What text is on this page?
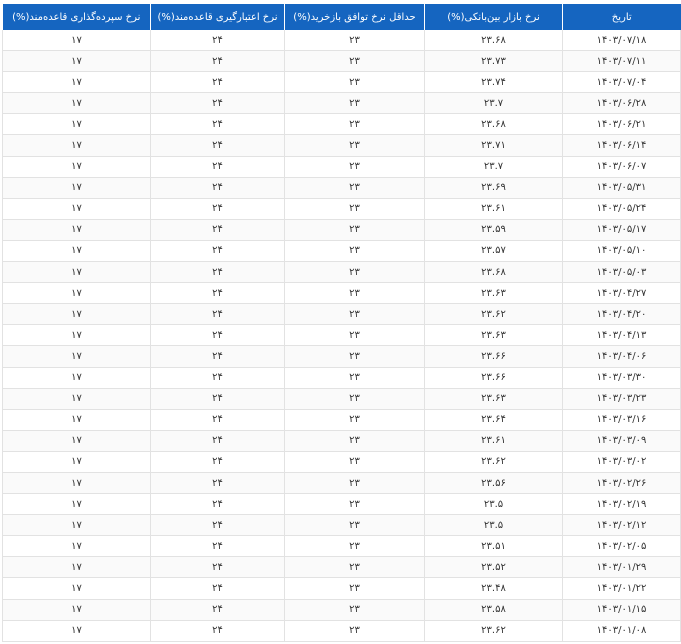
تاریخ	نرخ بازار بین‌بانکی(%)	حداقل نرخ توافق بازخرید(%)	نرخ اعتبارگیری قاعده‌مند(%)	نرخ سپرده‌گذاری قاعده‌مند(%)
۱۴۰۳/۰۷/۱۸	۲۳.۶۸	۲۳	۲۴	۱۷
۱۴۰۳/۰۷/۱۱	۲۳.۷۳	۲۳	۲۴	۱۷
۱۴۰۳/۰۷/۰۴	۲۳.۷۴	۲۳	۲۴	۱۷
۱۴۰۳/۰۶/۲۸	۲۳.۷	۲۳	۲۴	۱۷
۱۴۰۳/۰۶/۲۱	۲۳.۶۸	۲۳	۲۴	۱۷
۱۴۰۳/۰۶/۱۴	۲۳.۷۱	۲۳	۲۴	۱۷
۱۴۰۳/۰۶/۰۷	۲۳.۷	۲۳	۲۴	۱۷
۱۴۰۳/۰۵/۳۱	۲۳.۶۹	۲۳	۲۴	۱۷
۱۴۰۳/۰۵/۲۴	۲۳.۶۱	۲۳	۲۴	۱۷
۱۴۰۳/۰۵/۱۷	۲۳.۵۹	۲۳	۲۴	۱۷
۱۴۰۳/۰۵/۱۰	۲۳.۵۷	۲۳	۲۴	۱۷
۱۴۰۳/۰۵/۰۳	۲۳.۶۸	۲۳	۲۴	۱۷
۱۴۰۳/۰۴/۲۷	۲۳.۶۳	۲۳	۲۴	۱۷
۱۴۰۳/۰۴/۲۰	۲۳.۶۲	۲۳	۲۴	۱۷
۱۴۰۳/۰۴/۱۳	۲۳.۶۳	۲۳	۲۴	۱۷
۱۴۰۳/۰۴/۰۶	۲۳.۶۶	۲۳	۲۴	۱۷
۱۴۰۳/۰۳/۳۰	۲۳.۶۶	۲۳	۲۴	۱۷
۱۴۰۳/۰۳/۲۳	۲۳.۶۳	۲۳	۲۴	۱۷
۱۴۰۳/۰۳/۱۶	۲۳.۶۴	۲۳	۲۴	۱۷
۱۴۰۳/۰۳/۰۹	۲۳.۶۱	۲۳	۲۴	۱۷
۱۴۰۳/۰۳/۰۲	۲۳.۶۲	۲۳	۲۴	۱۷
۱۴۰۳/۰۲/۲۶	۲۳.۵۶	۲۳	۲۴	۱۷
۱۴۰۳/۰۲/۱۹	۲۳.۵	۲۳	۲۴	۱۷
۱۴۰۳/۰۲/۱۲	۲۳.۵	۲۳	۲۴	۱۷
۱۴۰۳/۰۲/۰۵	۲۳.۵۱	۲۳	۲۴	۱۷
۱۴۰۳/۰۱/۲۹	۲۳.۵۲	۲۳	۲۴	۱۷
۱۴۰۳/۰۱/۲۲	۲۳.۴۸	۲۳	۲۴	۱۷
۱۴۰۳/۰۱/۱۵	۲۳.۵۸	۲۳	۲۴	۱۷
۱۴۰۳/۰۱/۰۸	۲۳.۶۲	۲۳	۲۴	۱۷
